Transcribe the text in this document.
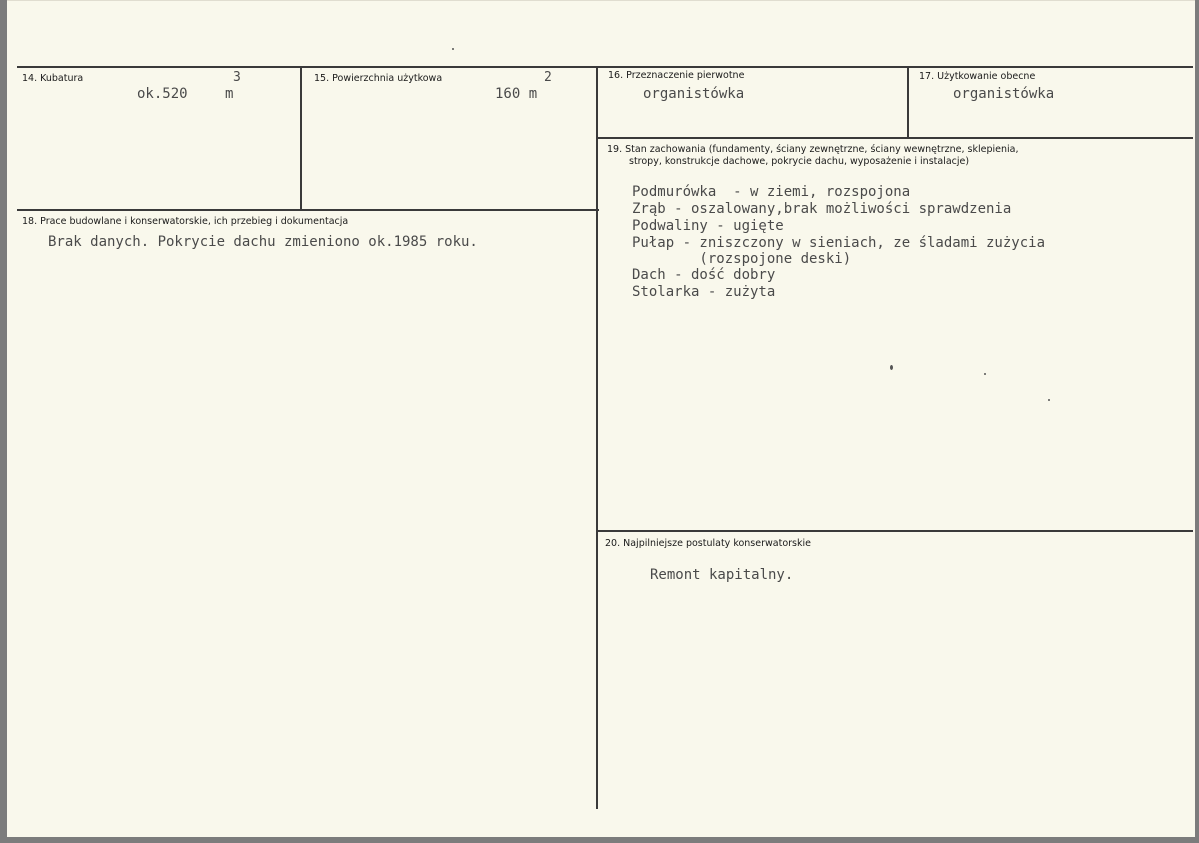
14. Kubatura	3
ok.520	m
15. Powierzchnia użytkowa	2
160 m
16. Przeznaczenie pierwotne
organistówka
17. Użytkowanie obecne
organistówka
18. Prace budowlane i konserwatorskie, ich przebieg i dokumentacja
Brak danych. Pokrycie dachu zmieniono ok.1985 roku.
19. Stan zachowania (fundamenty, ściany zewnętrzne, ściany wewnętrzne, sklepienia,
stropy, konstrukcje dachowe, pokrycie dachu, wyposażenie i instalacje)
Podmurówka  - w ziemi, rozspojona
Zrąb - oszalowany,brak możliwości sprawdzenia
Podwaliny - ugięte
Pułap - zniszczony w sieniach, ze śladami zużycia
(rozspojone deski)
Dach - dość dobry
Stolarka - zużyta
20. Najpilniejsze postulaty konserwatorskie
Remont kapitalny.
